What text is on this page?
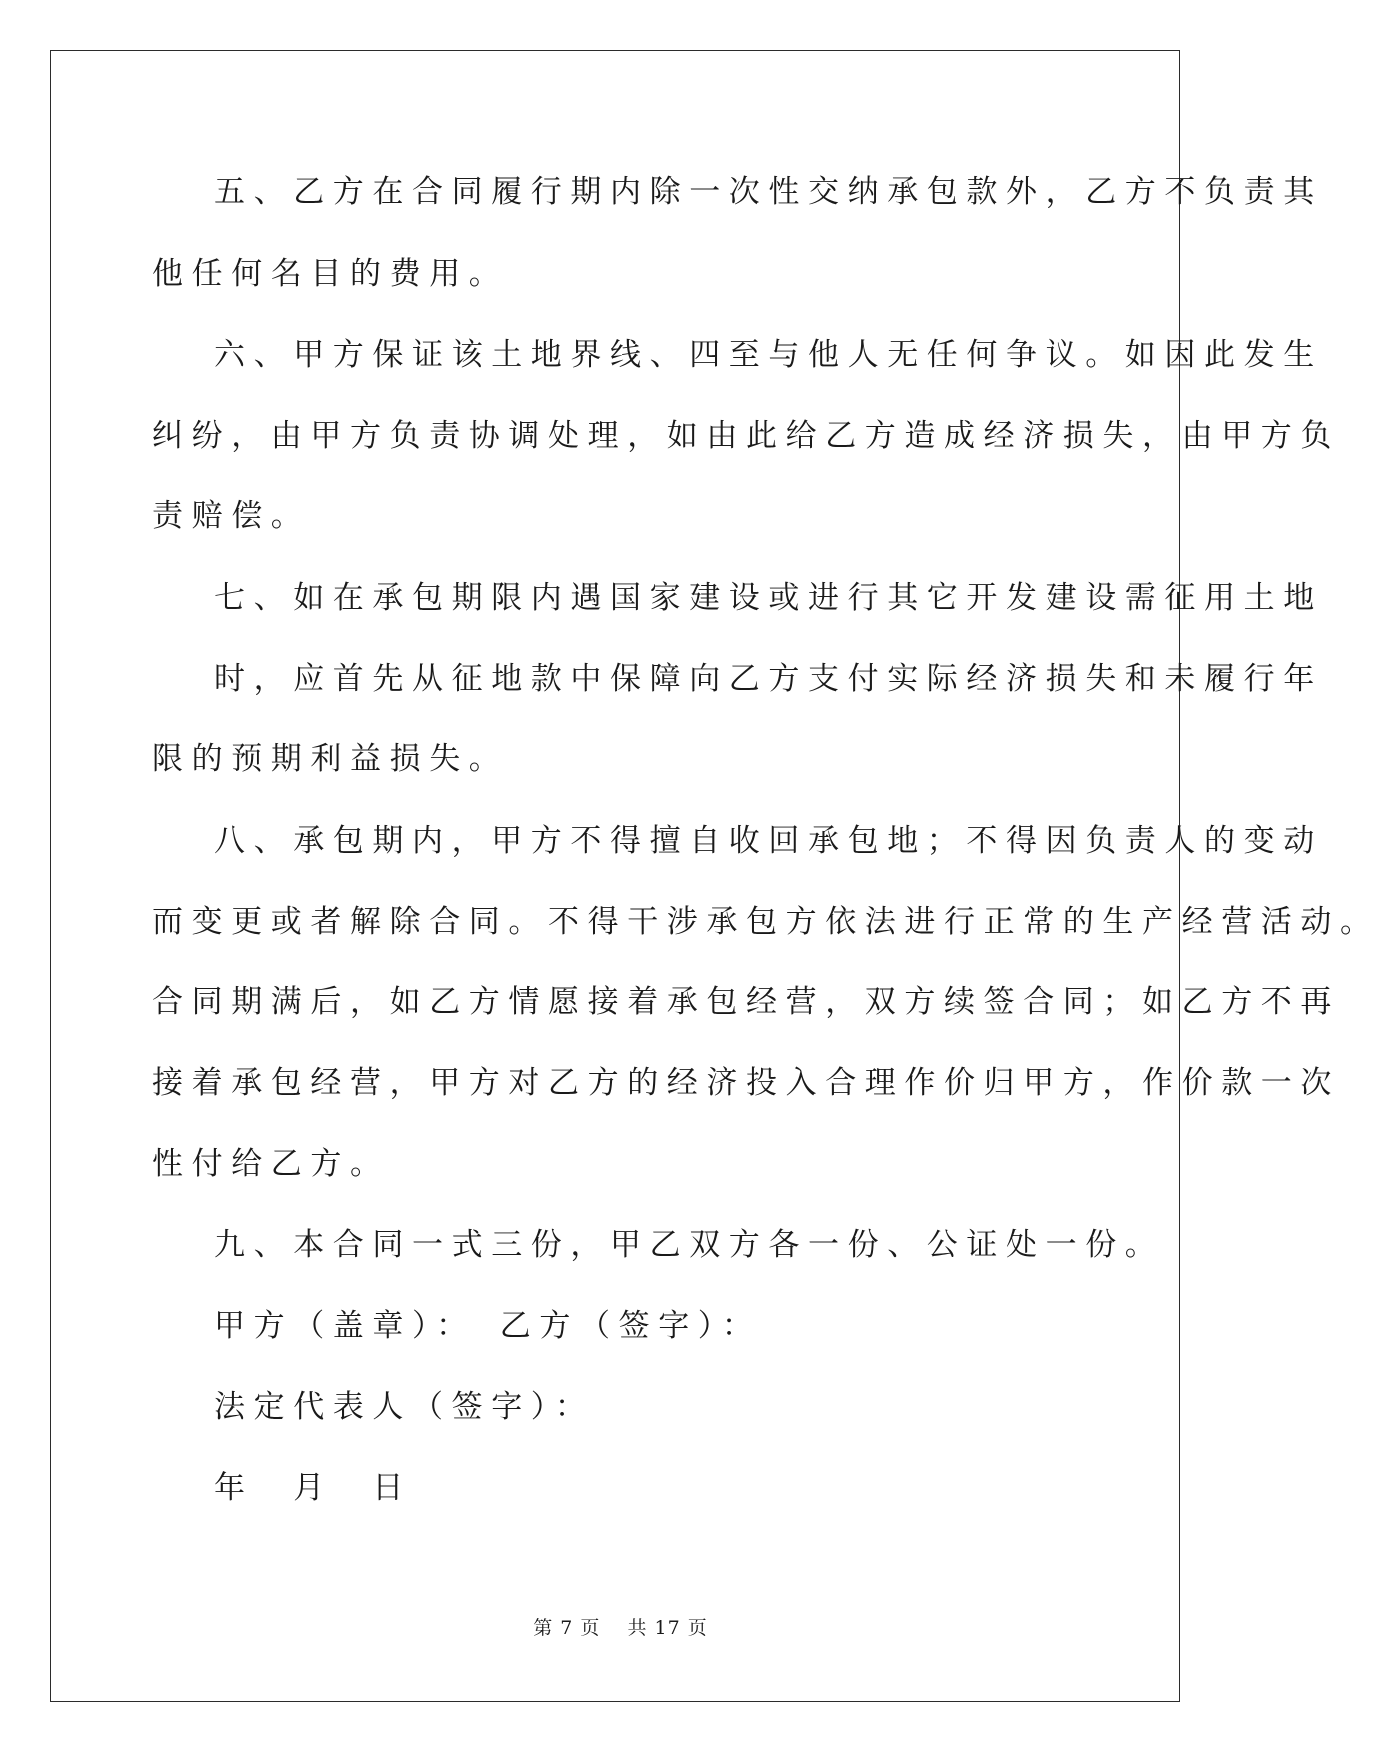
五、乙方在合同履行期内除一次性交纳承包款外，乙方不负责其

他任何名目的费用。

六、甲方保证该土地界线、四至与他人无任何争议。如因此发生

纠纷，由甲方负责协调处理，如由此给乙方造成经济损失，由甲方负

责赔偿。

七、如在承包期限内遇国家建设或进行其它开发建设需征用土地

时，应首先从征地款中保障向乙方支付实际经济损失和未履行年

限的预期利益损失。

八、承包期内，甲方不得擅自收回承包地；不得因负责人的变动

而变更或者解除合同。不得干涉承包方依法进行正常的生产经营活动。

合同期满后，如乙方情愿接着承包经营，双方续签合同；如乙方不再

接着承包经营，甲方对乙方的经济投入合理作价归甲方，作价款一次

性付给乙方。

九、本合同一式三份，甲乙双方各一份、公证处一份。

甲方（盖章）：　乙方（签字）：

法定代表人（签字）：

年　月　日

第 7 页　 共 17 页
